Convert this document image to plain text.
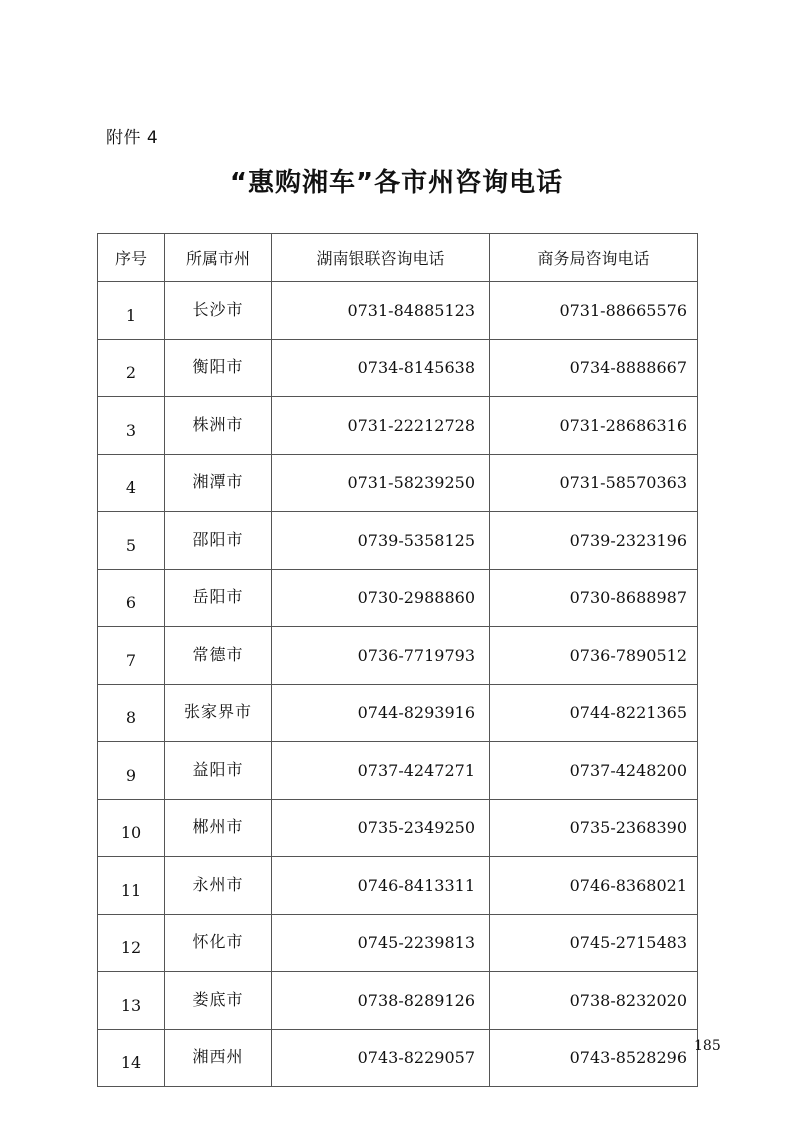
附件 4
“惠购湘车”各市州咨询电话
序号	所属市州	湖南银联咨询电话	商务局咨询电话
1	长沙市	0731-84885123	0731-88665576
2	衡阳市	0734-8145638	0734-8888667
3	株洲市	0731-22212728	0731-28686316
4	湘潭市	0731-58239250	0731-58570363
5	邵阳市	0739-5358125	0739-2323196
6	岳阳市	0730-2988860	0730-8688987
7	常德市	0736-7719793	0736-7890512
8	张家界市	0744-8293916	0744-8221365
9	益阳市	0737-4247271	0737-4248200
10	郴州市	0735-2349250	0735-2368390
11	永州市	0746-8413311	0746-8368021
12	怀化市	0745-2239813	0745-2715483
13	娄底市	0738-8289126	0738-8232020
14	湘西州	0743-8229057	0743-8528296
185
